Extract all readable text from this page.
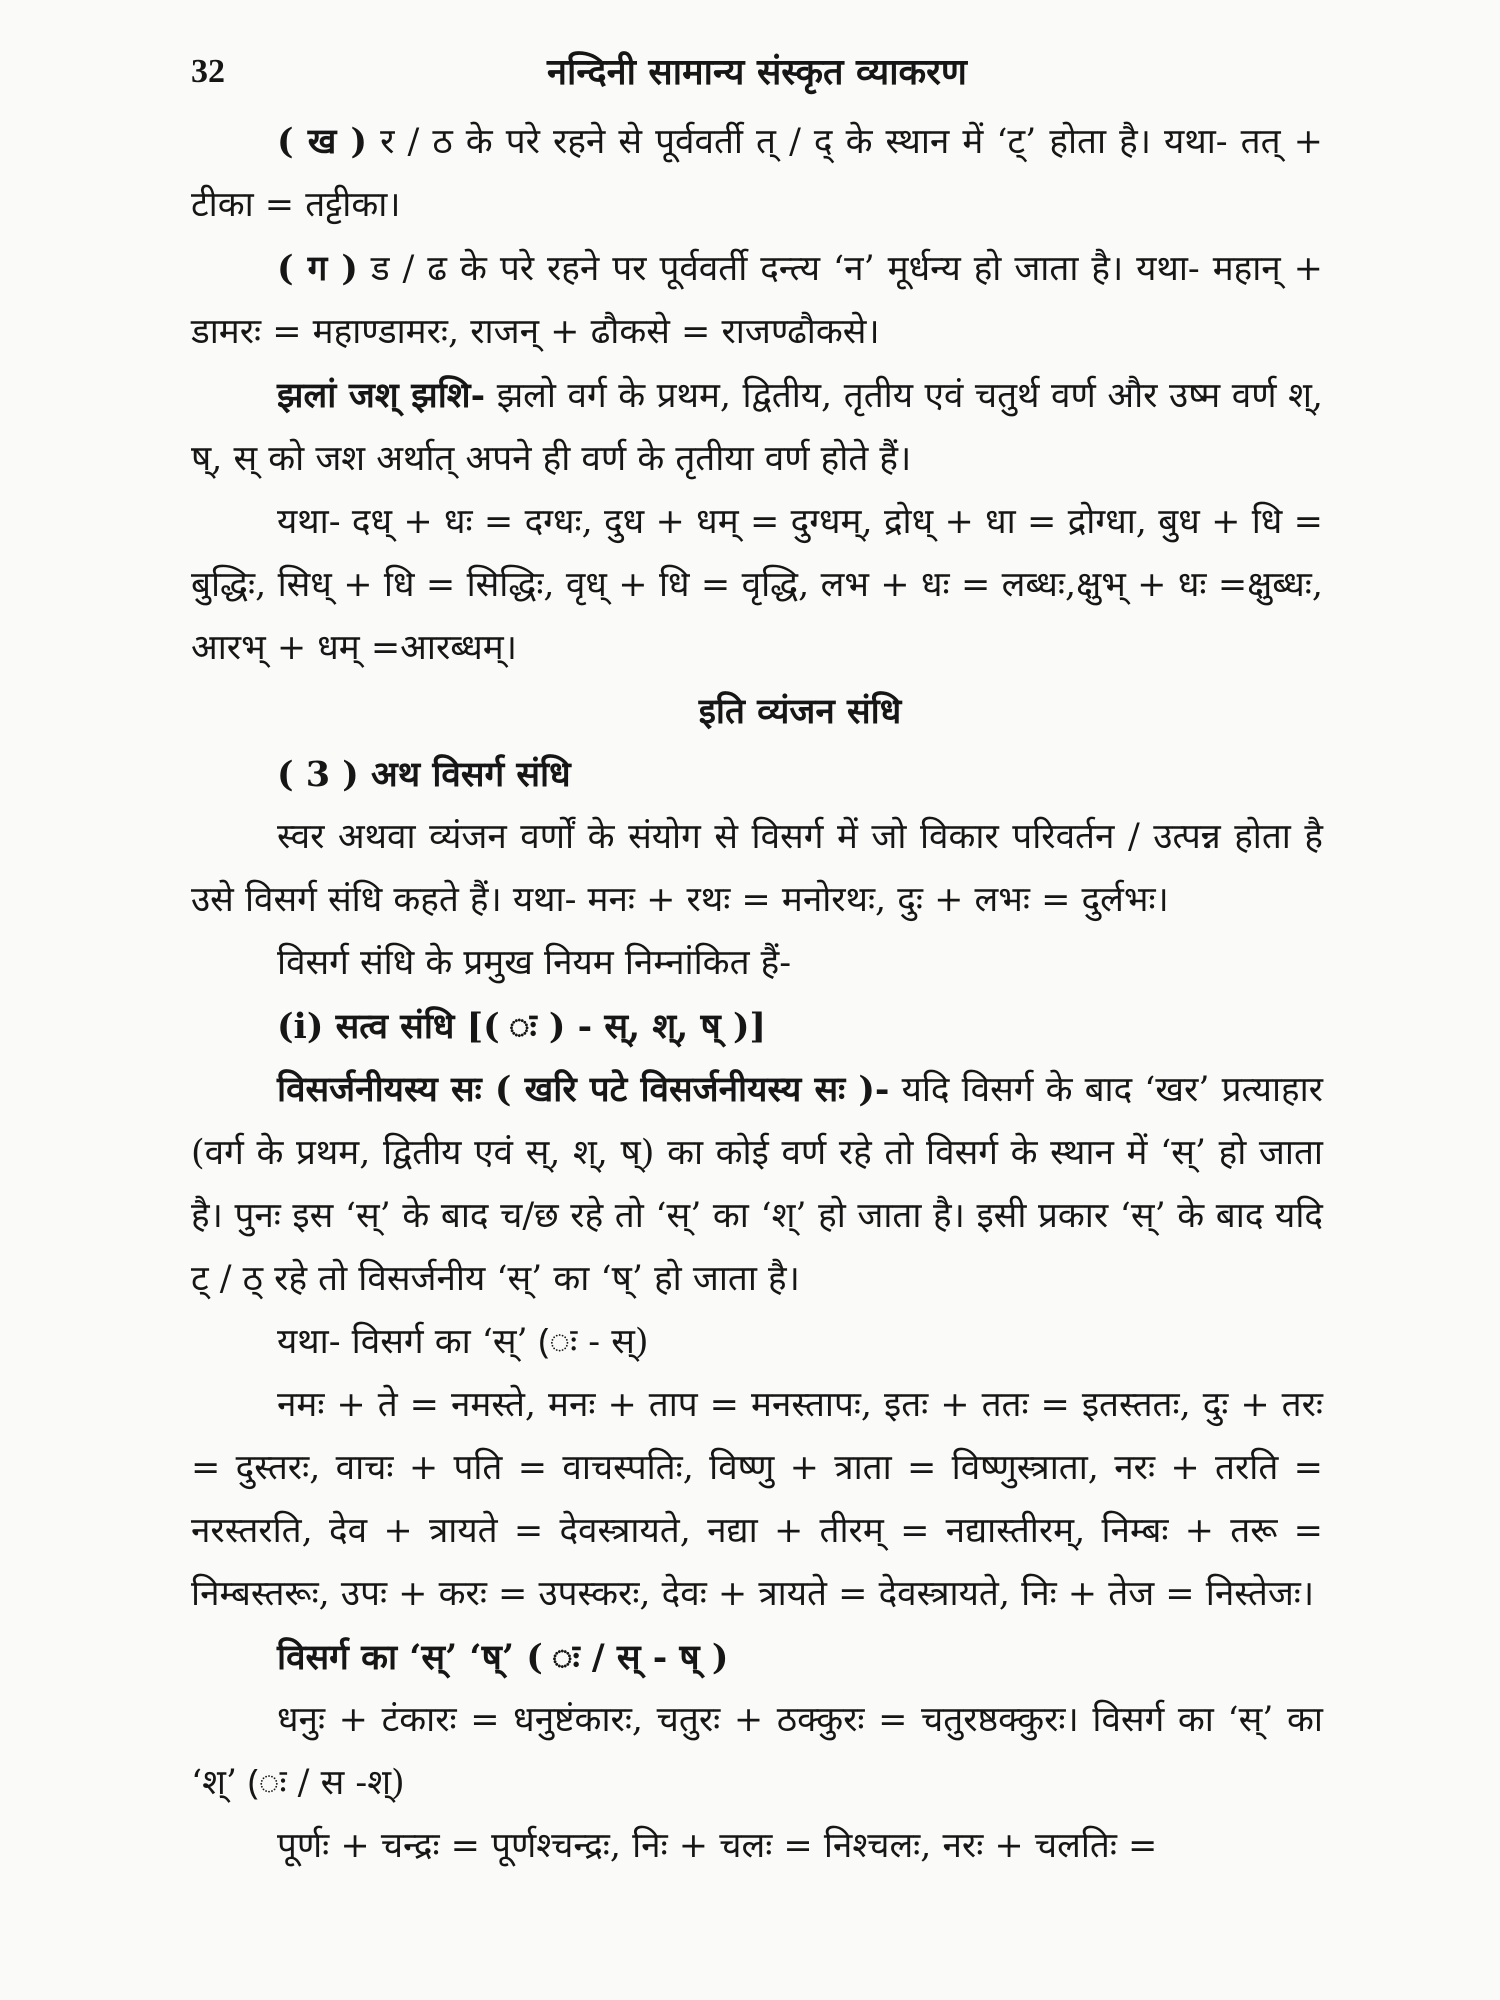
32	नन्दिनी सामान्य संस्कृत व्याकरण

( ख ) र / ठ के परे रहने से पूर्ववर्ती त् / द् के स्थान में ‘ट्’ होता है। यथा- तत् + टीका = तट्टीका।

( ग ) ड / ढ के परे रहने पर पूर्ववर्ती दन्त्य ‘न’ मूर्धन्य हो जाता है। यथा- महान् + डामरः = महाण्डामरः, राजन् + ढौकसे = राजण्ढौकसे।

झलां जश् झशि- झलो वर्ग के प्रथम, द्वितीय, तृतीय एवं चतुर्थ वर्ण और उष्म वर्ण श्, ष्, स् को जश अर्थात् अपने ही वर्ण के तृतीया वर्ण होते हैं।

यथा- दध् + धः = दग्धः, दुध + धम् = दुग्धम्, द्रोध् + धा = द्रोग्धा, बुध + धि = बुद्धिः, सिध् + धि = सिद्धिः, वृध् + धि = वृद्धि, लभ + धः = लब्धः,क्षुभ् + धः =क्षुब्धः, आरभ् + धम् =आरब्धम्।

इति व्यंजन संधि

( 3 ) अथ विसर्ग संधि

स्वर अथवा व्यंजन वर्णों के संयोग से विसर्ग में जो विकार परिवर्तन / उत्पन्न होता है उसे विसर्ग संधि कहते हैं। यथा- मनः + रथः = मनोरथः, दुः + लभः = दुर्लभः।

विसर्ग संधि के प्रमुख नियम निम्नांकित हैं-

(i) सत्व संधि [( ः ) - स्, श्, ष् )]

विसर्जनीयस्य सः ( खरि पटे विसर्जनीयस्य सः )- यदि विसर्ग के बाद ‘खर’ प्रत्याहार (वर्ग के प्रथम, द्वितीय एवं स्, श्, ष्) का कोई वर्ण रहे तो विसर्ग के स्थान में ‘स्’ हो जाता है। पुनः इस ‘स्’ के बाद च/छ रहे तो ‘स्’ का ‘श्’ हो जाता है। इसी प्रकार ‘स्’ के बाद यदि ट् / ठ् रहे तो विसर्जनीय ‘स्’ का ‘ष्’ हो जाता है।

यथा- विसर्ग का ‘स्’ (ः - स्)

नमः + ते = नमस्ते, मनः + ताप = मनस्तापः, इतः + ततः = इतस्ततः, दुः + तरः = दुस्तरः, वाचः + पति = वाचस्पतिः, विष्णु + त्राता = विष्णुस्त्राता, नरः + तरति = नरस्तरति, देव + त्रायते = देवस्त्रायते, नद्या + तीरम् = नद्यास्तीरम्, निम्बः + तरू = निम्बस्तरूः, उपः + करः = उपस्करः, देवः + त्रायते = देवस्त्रायते, निः + तेज = निस्तेजः।

विसर्ग का ‘स्’ ‘ष्’ ( ः / स् - ष् )

धनुः + टंकारः = धनुष्टंकारः, चतुरः + ठक्कुरः = चतुरष्ठक्कुरः। विसर्ग का ‘स्’ का ‘श्’ (ः / स -श्)

पूर्णः + चन्द्रः = पूर्णश्चन्द्रः, निः + चलः = निश्चलः, नरः + चलतिः =
